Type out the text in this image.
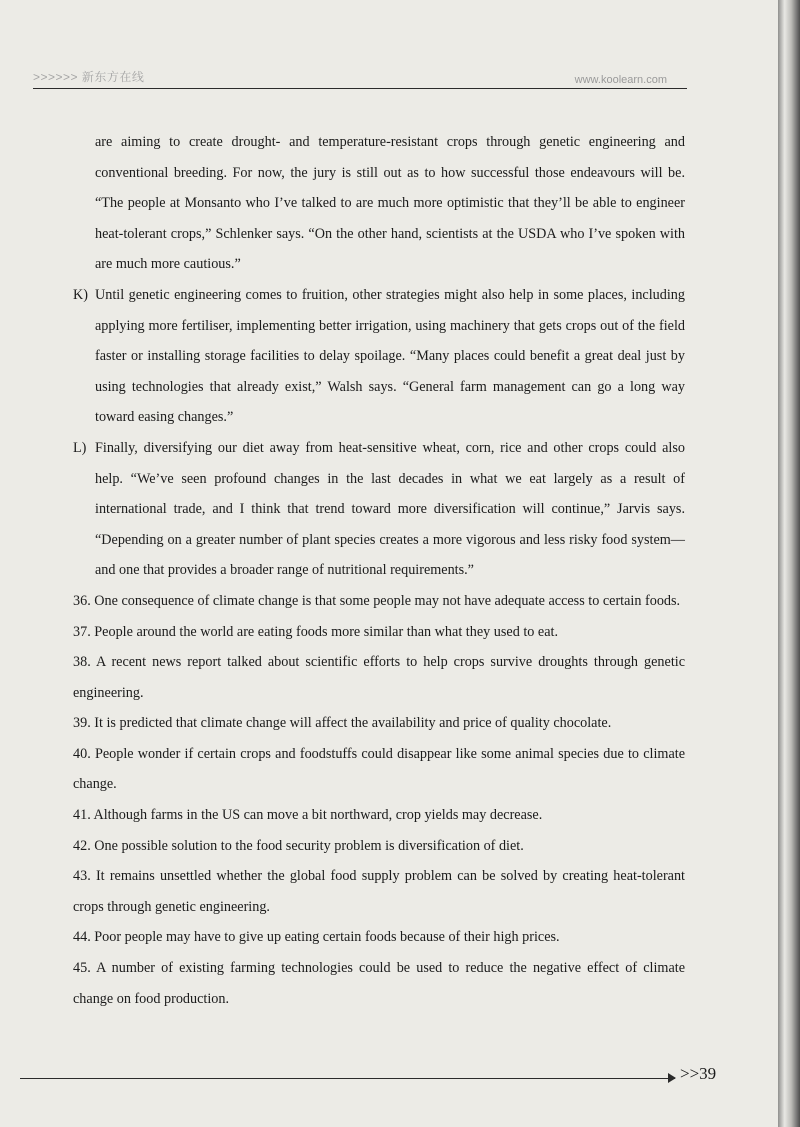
>>>>>> 新东方在线	www.koolearn.com

are aiming to create drought- and temperature-resistant crops through genetic engineering and conventional breeding. For now, the jury is still out as to how successful those endeavours will be. “The people at Monsanto who I’ve talked to are much more optimistic that they’ll be able to engineer heat-tolerant crops,” Schlenker says. “On the other hand, scientists at the USDA who I’ve spoken with are much more cautious.”

K) Until genetic engineering comes to fruition, other strategies might also help in some places, including applying more fertiliser, implementing better irrigation, using machinery that gets crops out of the field faster or installing storage facilities to delay spoilage. “Many places could benefit a great deal just by using technologies that already exist,” Walsh says. “General farm management can go a long way toward easing changes.”
L) Finally, diversifying our diet away from heat-sensitive wheat, corn, rice and other crops could also help. “We’ve seen profound changes in the last decades in what we eat largely as a result of international trade, and I think that trend toward more diversification will continue,” Jarvis says. “Depending on a greater number of plant species creates a more vigorous and less risky food system—and one that provides a broader range of nutritional requirements.”

36. One consequence of climate change is that some people may not have adequate access to certain foods.

37. People around the world are eating foods more similar than what they used to eat.

38. A recent news report talked about scientific efforts to help crops survive droughts through genetic engineering.

39. It is predicted that climate change will affect the availability and price of quality chocolate.

40. People wonder if certain crops and foodstuffs could disappear like some animal species due to climate change.

41. Although farms in the US can move a bit northward, crop yields may decrease.

42. One possible solution to the food security problem is diversification of diet.

43. It remains unsettled whether the global food supply problem can be solved by creating heat-tolerant crops through genetic engineering.

44. Poor people may have to give up eating certain foods because of their high prices.

45. A number of existing farming technologies could be used to reduce the negative effect of climate change on food production.

>>39
